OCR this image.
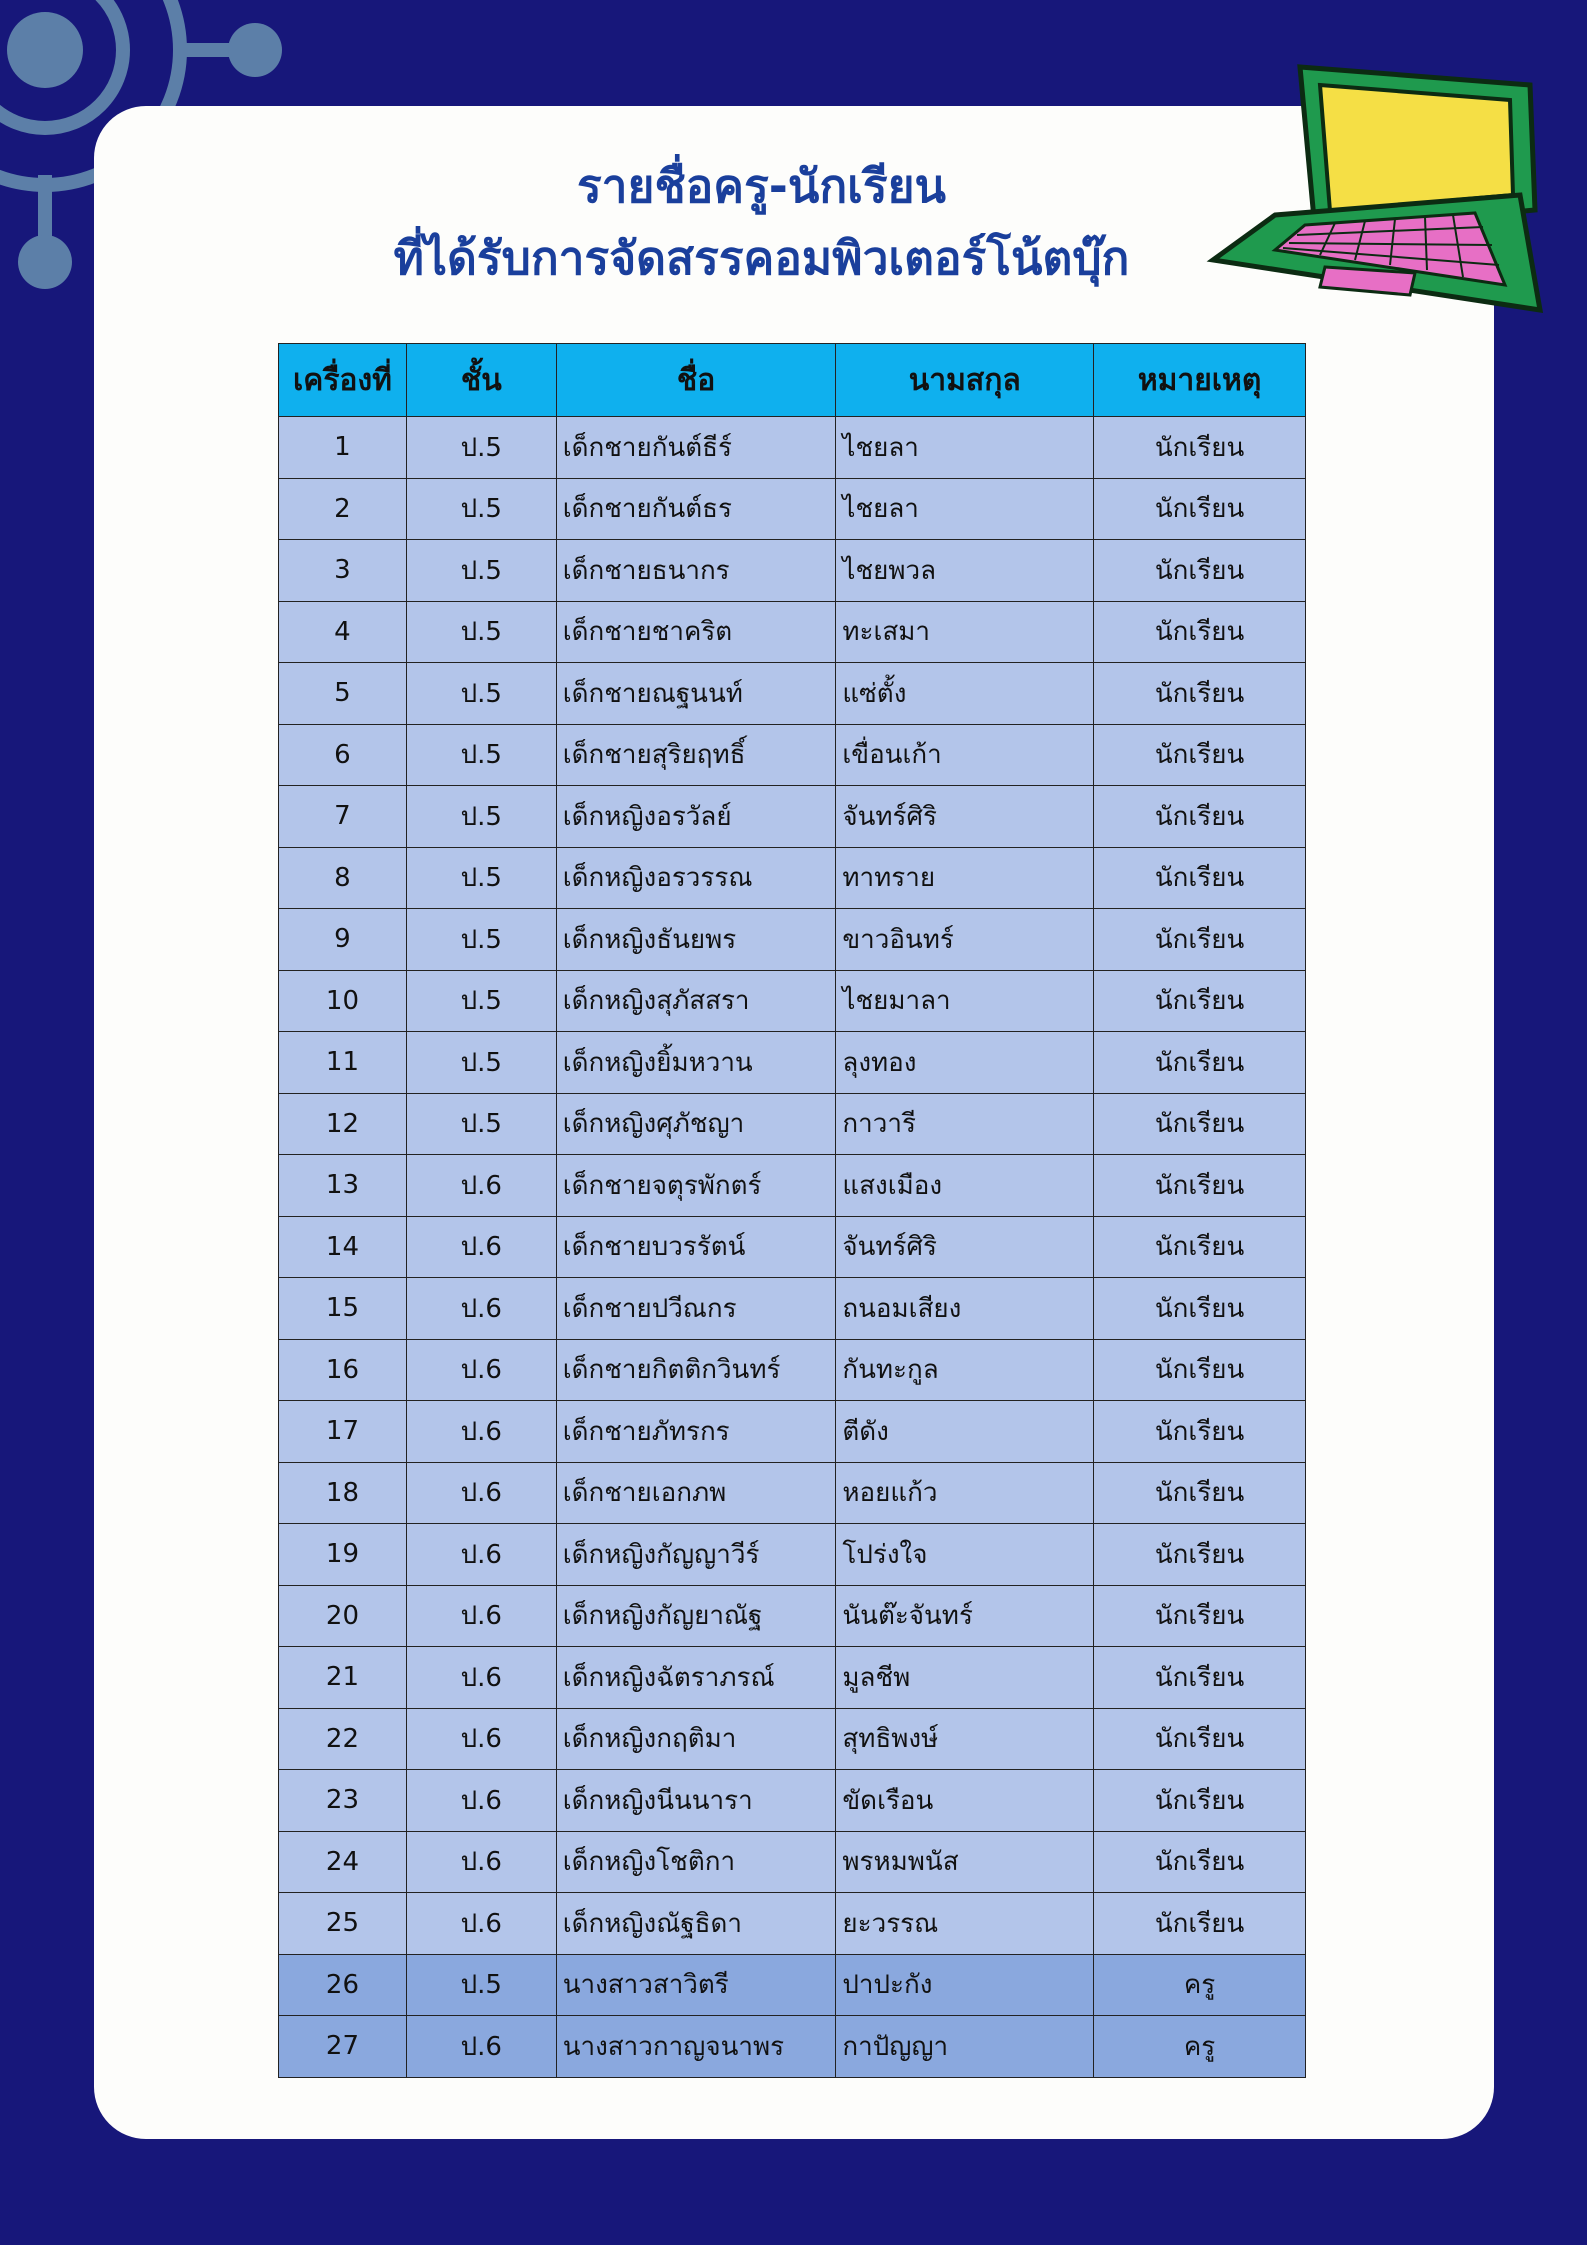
รายชื่อครู-นักเรียน
ที่ได้รับการจัดสรรคอมพิวเตอร์โน้ตบุ๊ก
เครื่องที่	ชั้น	ชื่อ	นามสกุล	หมายเหตุ
1	ป.5	เด็กชายกันต์ธีร์	ไชยลา	นักเรียน
2	ป.5	เด็กชายกันต์ธร	ไชยลา	นักเรียน
3	ป.5	เด็กชายธนากร	ไชยพวล	นักเรียน
4	ป.5	เด็กชายชาคริต	ทะเสมา	นักเรียน
5	ป.5	เด็กชายณฐนนท์	แซ่ตั้ง	นักเรียน
6	ป.5	เด็กชายสุริยฤทธิ์	เขื่อนเก้า	นักเรียน
7	ป.5	เด็กหญิงอรวัลย์	จันทร์ศิริ	นักเรียน
8	ป.5	เด็กหญิงอรวรรณ	ทาทราย	นักเรียน
9	ป.5	เด็กหญิงธันยพร	ขาวอินทร์	นักเรียน
10	ป.5	เด็กหญิงสุภัสสรา	ไชยมาลา	นักเรียน
11	ป.5	เด็กหญิงยิ้มหวาน	ลุงทอง	นักเรียน
12	ป.5	เด็กหญิงศุภัชญา	กาวารี	นักเรียน
13	ป.6	เด็กชายจตุรพักตร์	แสงเมือง	นักเรียน
14	ป.6	เด็กชายบวรรัตน์	จันทร์ศิริ	นักเรียน
15	ป.6	เด็กชายปวีณกร	ถนอมเสียง	นักเรียน
16	ป.6	เด็กชายกิตติกวินทร์	กันทะกูล	นักเรียน
17	ป.6	เด็กชายภัทรกร	ตีดัง	นักเรียน
18	ป.6	เด็กชายเอกภพ	หอยแก้ว	นักเรียน
19	ป.6	เด็กหญิงกัญญาวีร์	โปร่งใจ	นักเรียน
20	ป.6	เด็กหญิงกัญยาณัฐ	นันต๊ะจันทร์	นักเรียน
21	ป.6	เด็กหญิงฉัตราภรณ์	มูลชีพ	นักเรียน
22	ป.6	เด็กหญิงกฤติมา	สุทธิพงษ์	นักเรียน
23	ป.6	เด็กหญิงนีนนารา	ขัดเรือน	นักเรียน
24	ป.6	เด็กหญิงโชติกา	พรหมพนัส	นักเรียน
25	ป.6	เด็กหญิงณัฐธิดา	ยะวรรณ	นักเรียน
26	ป.5	นางสาวสาวิตรี	ปาปะกัง	ครู
27	ป.6	นางสาวกาญจนาพร	กาปัญญา	ครู
